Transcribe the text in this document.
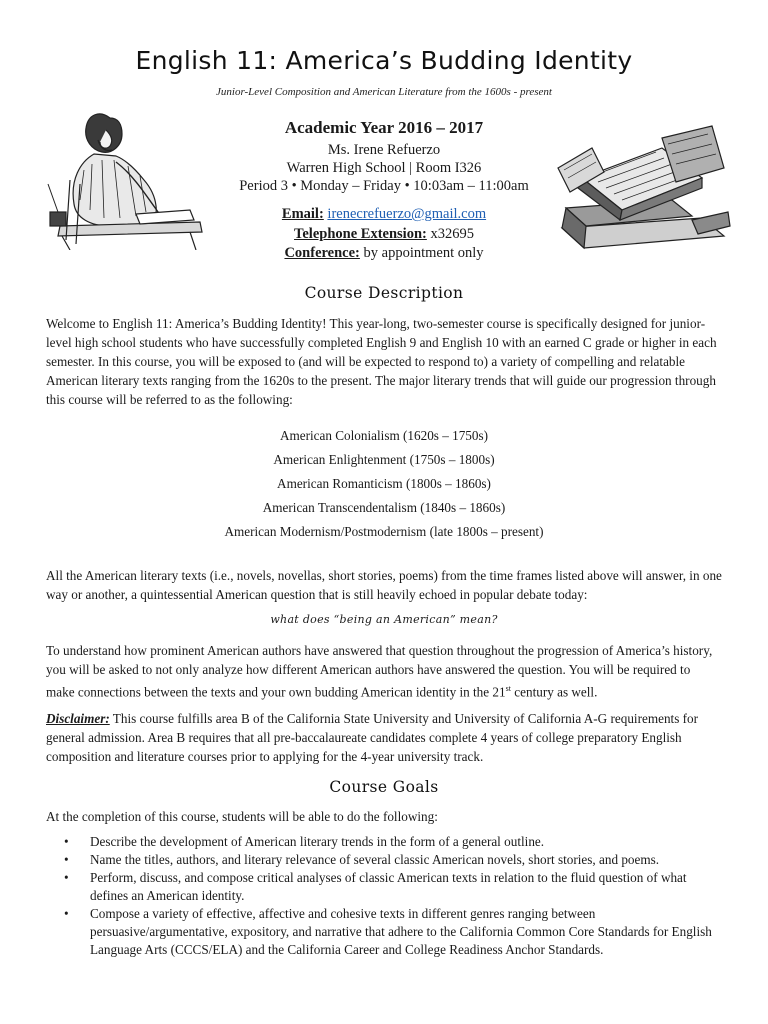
English 11: America’s Budding Identity
Junior-Level Composition and American Literature from the 1600s - present
Academic Year 2016 – 2017
Ms. Irene Refuerzo
Warren High School | Room I326
Period 3 • Monday – Friday • 10:03am – 11:00am
Email: irenecrefuerzo@gmail.com
Telephone Extension: x32695
Conference: by appointment only
Course Description
Welcome to English 11: America’s Budding Identity! This year-long, two-semester course is specifically designed for junior-level high school students who have successfully completed English 9 and English 10 with an earned C grade or higher in each semester. In this course, you will be exposed to (and will be expected to respond to) a variety of compelling and relatable American literary texts ranging from the 1620s to the present. The major literary trends that will guide our progression through this course will be referred to as the following:
American Colonialism (1620s – 1750s)
American Enlightenment (1750s – 1800s)
American Romanticism (1800s – 1860s)
American Transcendentalism (1840s – 1860s)
American Modernism/Postmodernism (late 1800s – present)
All the American literary texts (i.e., novels, novellas, short stories, poems) from the time frames listed above will answer, in one way or another, a quintessential American question that is still heavily echoed in popular debate today:
what does “being an American” mean?
To understand how prominent American authors have answered that question throughout the progression of America’s history, you will be asked to not only analyze how different American authors have answered the question. You will be required to make connections between the texts and your own budding American identity in the 21st century as well.
Disclaimer: This course fulfills area B of the California State University and University of California A-G requirements for general admission. Area B requires that all pre-baccalaureate candidates complete 4 years of college preparatory English composition and literature courses prior to applying for the 4-year university track.
Course Goals
At the completion of this course, students will be able to do the following:
• Describe the development of American literary trends in the form of a general outline.
• Name the titles, authors, and literary relevance of several classic American novels, short stories, and poems.
• Perform, discuss, and compose critical analyses of classic American texts in relation to the fluid question of what defines an American identity.
• Compose a variety of effective, affective and cohesive texts in different genres ranging between persuasive/argumentative, expository, and narrative that adhere to the California Common Core Standards for English Language Arts (CCCS/ELA) and the California Career and College Readiness Anchor Standards.
